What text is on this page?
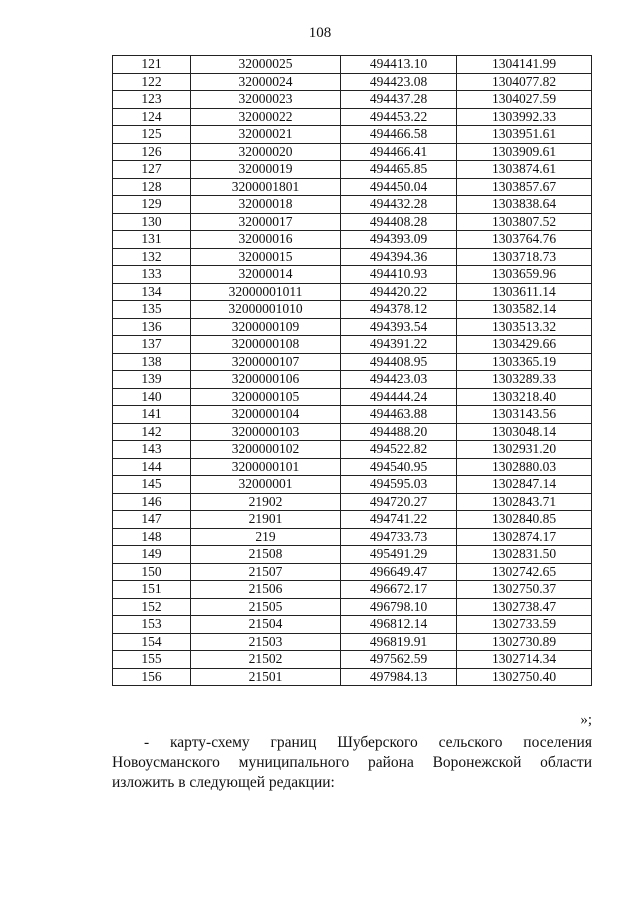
108
121	32000025	494413.10	1304141.99
122	32000024	494423.08	1304077.82
123	32000023	494437.28	1304027.59
124	32000022	494453.22	1303992.33
125	32000021	494466.58	1303951.61
126	32000020	494466.41	1303909.61
127	32000019	494465.85	1303874.61
128	3200001801	494450.04	1303857.67
129	32000018	494432.28	1303838.64
130	32000017	494408.28	1303807.52
131	32000016	494393.09	1303764.76
132	32000015	494394.36	1303718.73
133	32000014	494410.93	1303659.96
134	32000001011	494420.22	1303611.14
135	32000001010	494378.12	1303582.14
136	3200000109	494393.54	1303513.32
137	3200000108	494391.22	1303429.66
138	3200000107	494408.95	1303365.19
139	3200000106	494423.03	1303289.33
140	3200000105	494444.24	1303218.40
141	3200000104	494463.88	1303143.56
142	3200000103	494488.20	1303048.14
143	3200000102	494522.82	1302931.20
144	3200000101	494540.95	1302880.03
145	32000001	494595.03	1302847.14
146	21902	494720.27	1302843.71
147	21901	494741.22	1302840.85
148	219	494733.73	1302874.17
149	21508	495491.29	1302831.50
150	21507	496649.47	1302742.65
151	21506	496672.17	1302750.37
152	21505	496798.10	1302738.47
153	21504	496812.14	1302733.59
154	21503	496819.91	1302730.89
155	21502	497562.59	1302714.34
156	21501	497984.13	1302750.40
»;

- карту-схему границ Шуберского сельского поселения Новоусманского муниципального района Воронежской области изложить в следующей редакции:
